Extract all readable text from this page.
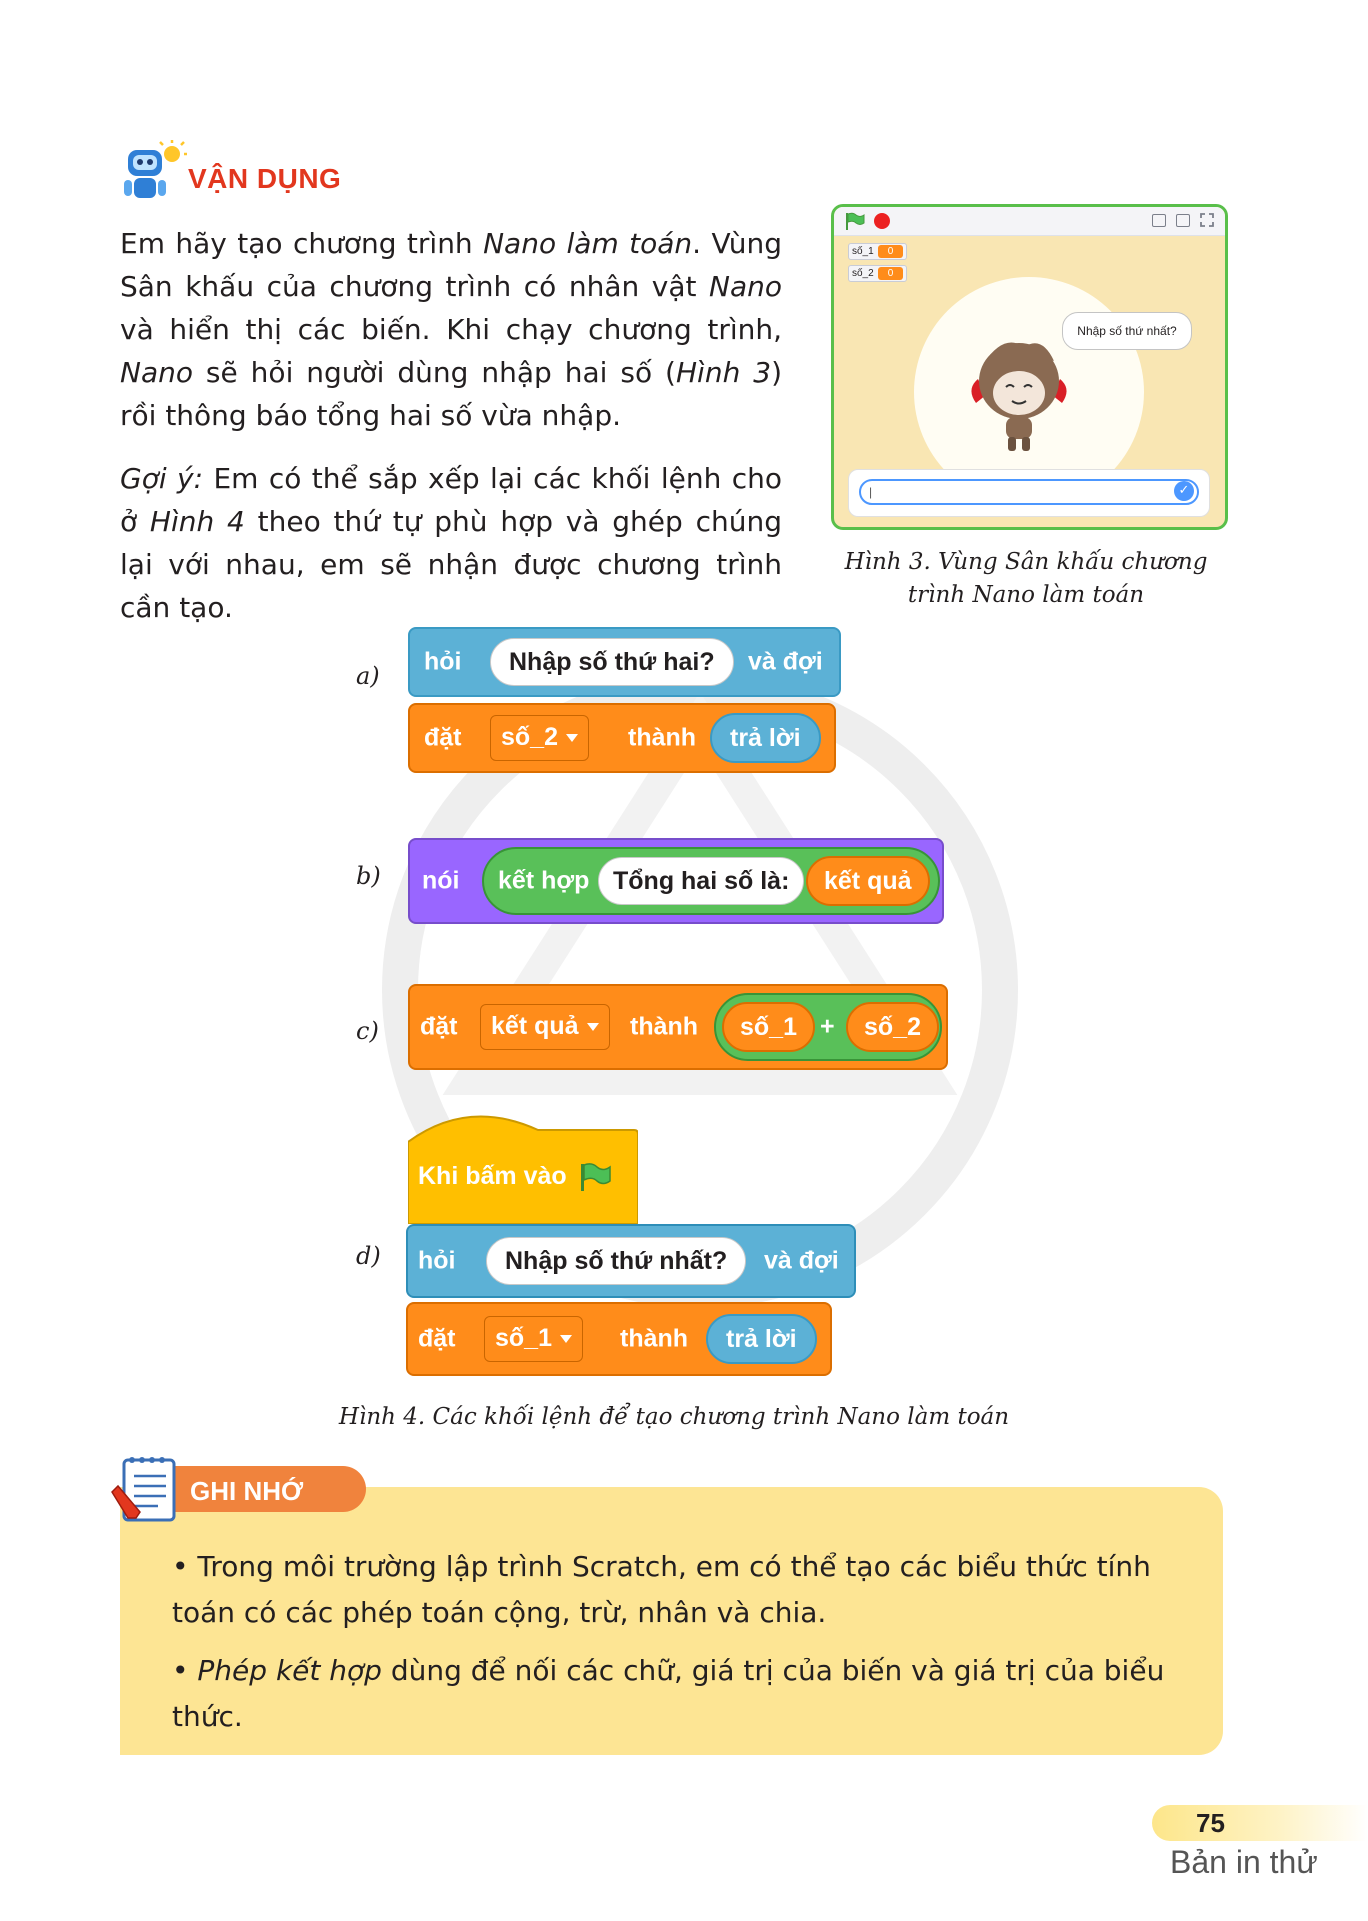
VẬN DỤNG

Em hãy tạo chương trình Nano làm toán. Vùng Sân khấu của chương trình có nhân vật Nano và hiển thị các biến. Khi chạy chương trình, Nano sẽ hỏi người dùng nhập hai số (Hình 3) rồi thông báo tổng hai số vừa nhập.

Gợi ý: Em có thể sắp xếp lại các khối lệnh cho ở Hình 4 theo thứ tự phù hợp và ghép chúng lại với nhau, em sẽ nhận được chương trình cần tạo.

số_1 0
số_2 0
Nhập số thứ nhất?
|	✓
Hình 3. Vùng Sân khấu chương trình Nano làm toán
a)
hỏi	Nhập số thứ hai?	và đợi
đặt	số_2	thành	trả lời
b) nói kết hợp Tổng hai số là:	kết quả
c) đặt	kết quả	thành	số_1 +	số_2
Khi bấm vào
d) hỏi	Nhập số thứ nhất?	và đợi
đặt	số_1	thành	trả lời
Hình 4. Các khối lệnh để tạo chương trình Nano làm toán
GHI NHỚ

• Trong môi trường lập trình Scratch, em có thể tạo các biểu thức tính toán có các phép toán cộng, trừ, nhân và chia.

• Phép kết hợp dùng để nối các chữ, giá trị của biến và giá trị của biểu thức.

75
Bản in thử
